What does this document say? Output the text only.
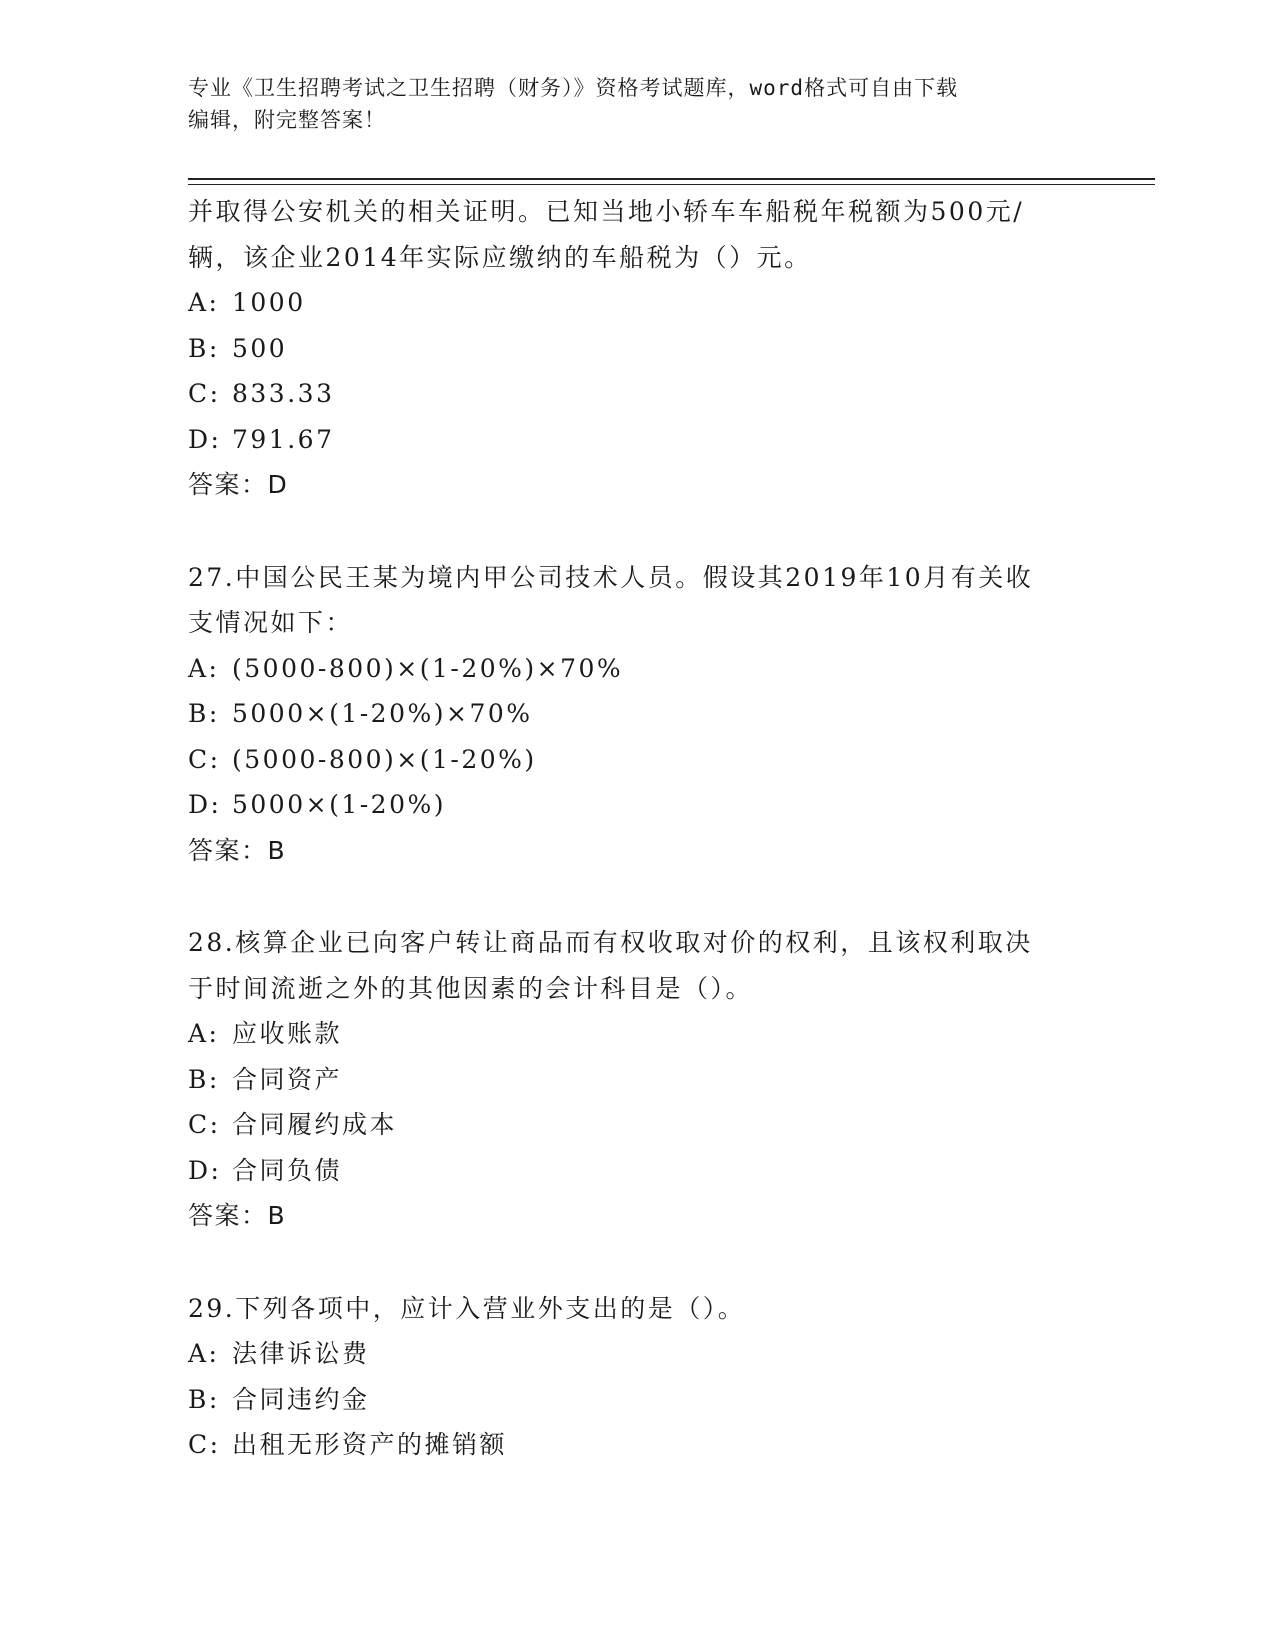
专业《卫生招聘考试之卫生招聘（财务）》资格考试题库，word格式可自由下载
编辑，附完整答案！
并取得公安机关的相关证明。已知当地小轿车车船税年税额为500元/
辆，该企业2014年实际应缴纳的车船税为（）元。
A: 1000
B: 500
C: 833.33
D: 791.67
答案：D
27.中国公民王某为境内甲公司技术人员。假设其2019年10月有关收
支情况如下：
A: (5000-800)×(1-20%)×70%
B: 5000×(1-20%)×70%
C: (5000-800)×(1-20%)
D: 5000×(1-20%)
答案：B
28.核算企业已向客户转让商品而有权收取对价的权利，且该权利取决
于时间流逝之外的其他因素的会计科目是（）。
A: 应收账款
B: 合同资产
C: 合同履约成本
D: 合同负债
答案：B
29.下列各项中，应计入营业外支出的是（）。
A: 法律诉讼费
B: 合同违约金
C: 出租无形资产的摊销额
